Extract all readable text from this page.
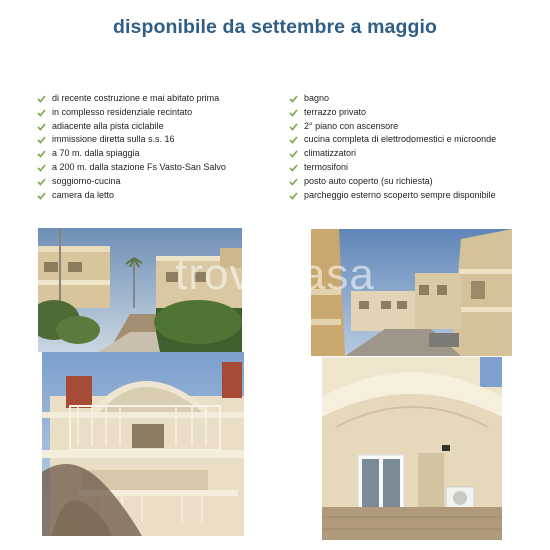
disponibile da settembre a maggio
di recente costruzione e mai abitato prima
in complesso residenziale recintato
adiacente alla pista ciclabile
immissione diretta sulla s.s. 16
a 70 m. dalla spiaggia
a 200 m. dalla stazione Fs Vasto-San Salvo
soggiorno-cucina
camera da letto
bagno
terrazzo privato
2° piano con ascensore
cucina completa di elettrodomestici e microonde
climatizzatori
termosifoni
posto auto coperto (su richiesta)
parcheggio esterno scoperto sempre disponibile
trovacasa
